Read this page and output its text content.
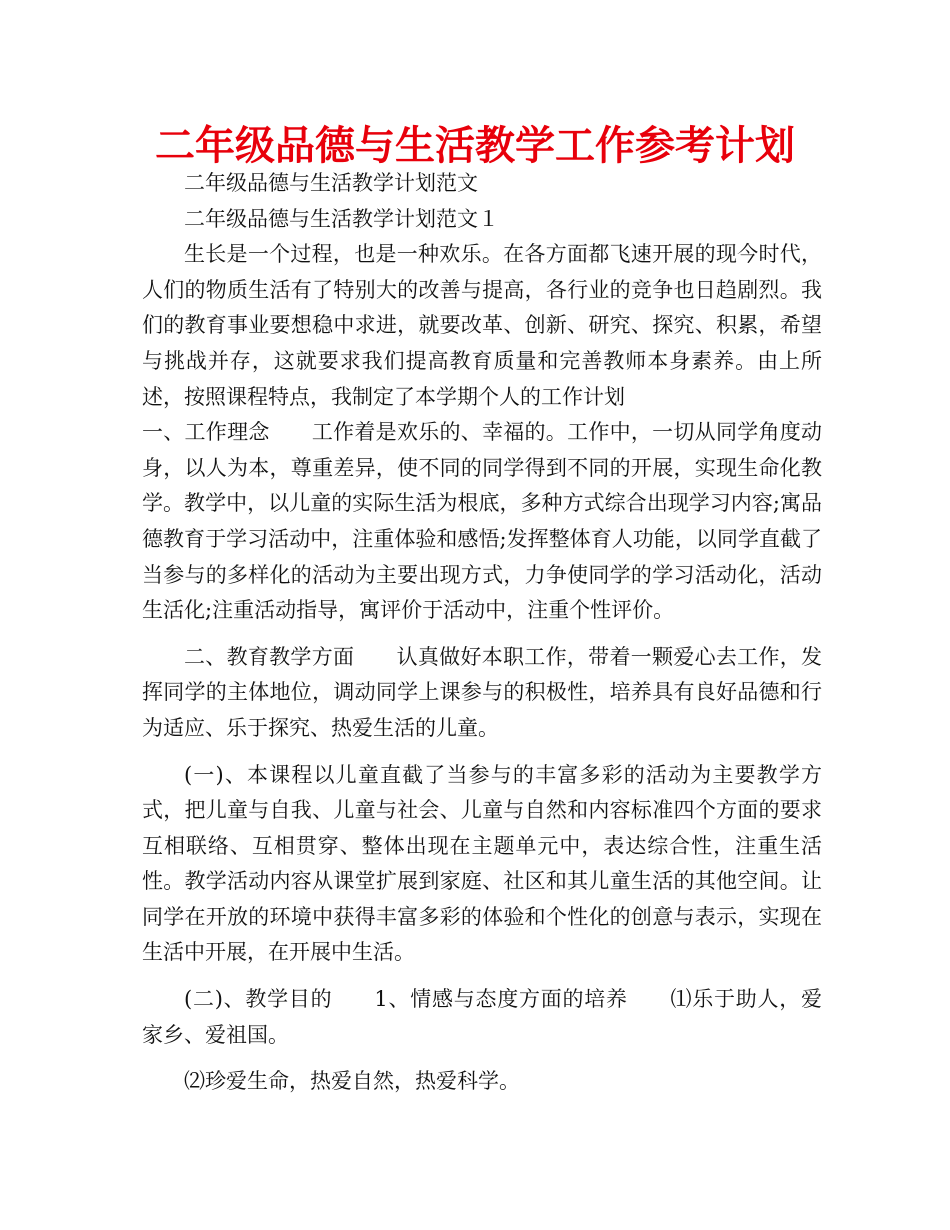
二年级品德与生活教学工作参考计划

二年级品德与生活教学计划范文

二年级品德与生活教学计划范文１

生长是一个过程，也是一种欢乐。在各方面都飞速开展的现今时代，人们的物质生活有了特别大的改善与提高，各行业的竞争也日趋剧烈。我们的教育事业要想稳中求进，就要改革、创新、研究、探究、积累，希望与挑战并存，这就要求我们提高教育质量和完善教师本身素养。由上所述，按照课程特点，我制定了本学期个人的工作计划

一、工作理念 工作着是欢乐的、幸福的。工作中，一切从同学角度动身，以人为本，尊重差异，使不同的同学得到不同的开展，实现生命化教学。教学中，以儿童的实际生活为根底，多种方式综合出现学习内容;寓品德教育于学习活动中，注重体验和感悟;发挥整体育人功能，以同学直截了当参与的多样化的活动为主要出现方式，力争使同学的学习活动化，活动生活化;注重活动指导，寓评价于活动中，注重个性评价。

二、教育教学方面 认真做好本职工作，带着一颗爱心去工作，发挥同学的主体地位，调动同学上课参与的积极性，培养具有良好品德和行为适应、乐于探究、热爱生活的儿童。

(一)、本课程以儿童直截了当参与的丰富多彩的活动为主要教学方式，把儿童与自我、儿童与社会、儿童与自然和内容标准四个方面的要求互相联络、互相贯穿、整体出现在主题单元中，表达综合性，注重生活性。教学活动内容从课堂扩展到家庭、社区和其儿童生活的其他空间。让同学在开放的环境中获得丰富多彩的体验和个性化的创意与表示，实现在生活中开展，在开展中生活。

(二)、教学目的 1、情感与态度方面的培养 ⑴乐于助人，爱家乡、爱祖国。

⑵珍爱生命，热爱自然，热爱科学。
